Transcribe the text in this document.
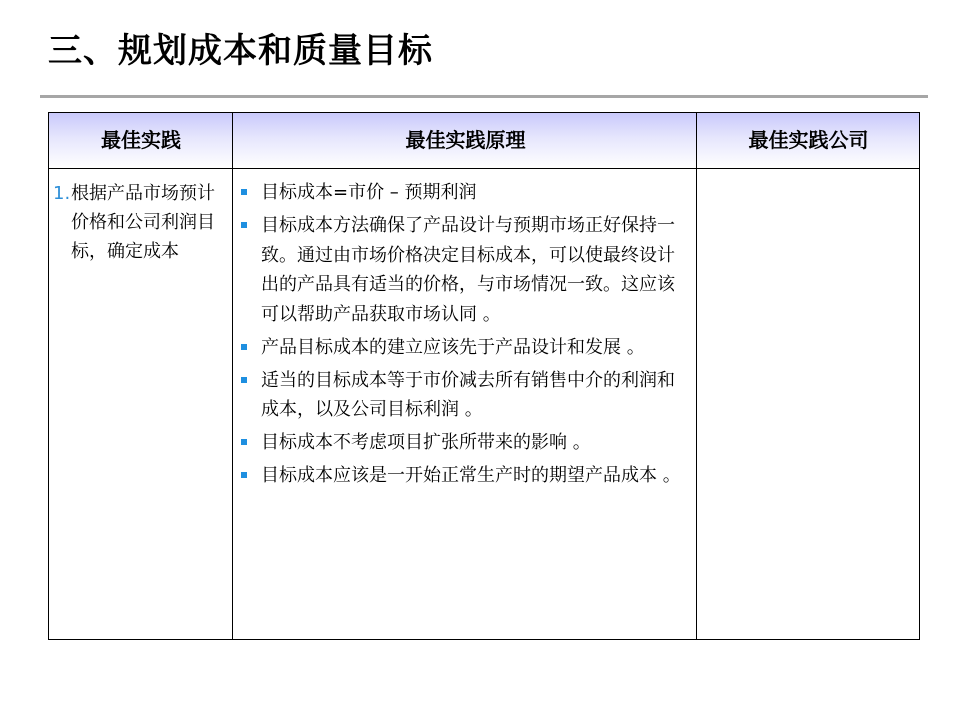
三、规划成本和质量目标
最佳实践	最佳实践原理	最佳实践公司
1. 根据产品市场预计价格和公司利润目标，确定成本
目标成本=市价 – 预期利润
目标成本方法确保了产品设计与预期市场正好保持一致。通过由市场价格决定目标成本，可以使最终设计出的产品具有适当的价格，与市场情况一致。这应该可以帮助产品获取市场认同 。
产品目标成本的建立应该先于产品设计和发展 。
适当的目标成本等于市价减去所有销售中介的利润和成本，以及公司目标利润 。
目标成本不考虑项目扩张所带来的影响 。
目标成本应该是一开始正常生产时的期望产品成本 。
